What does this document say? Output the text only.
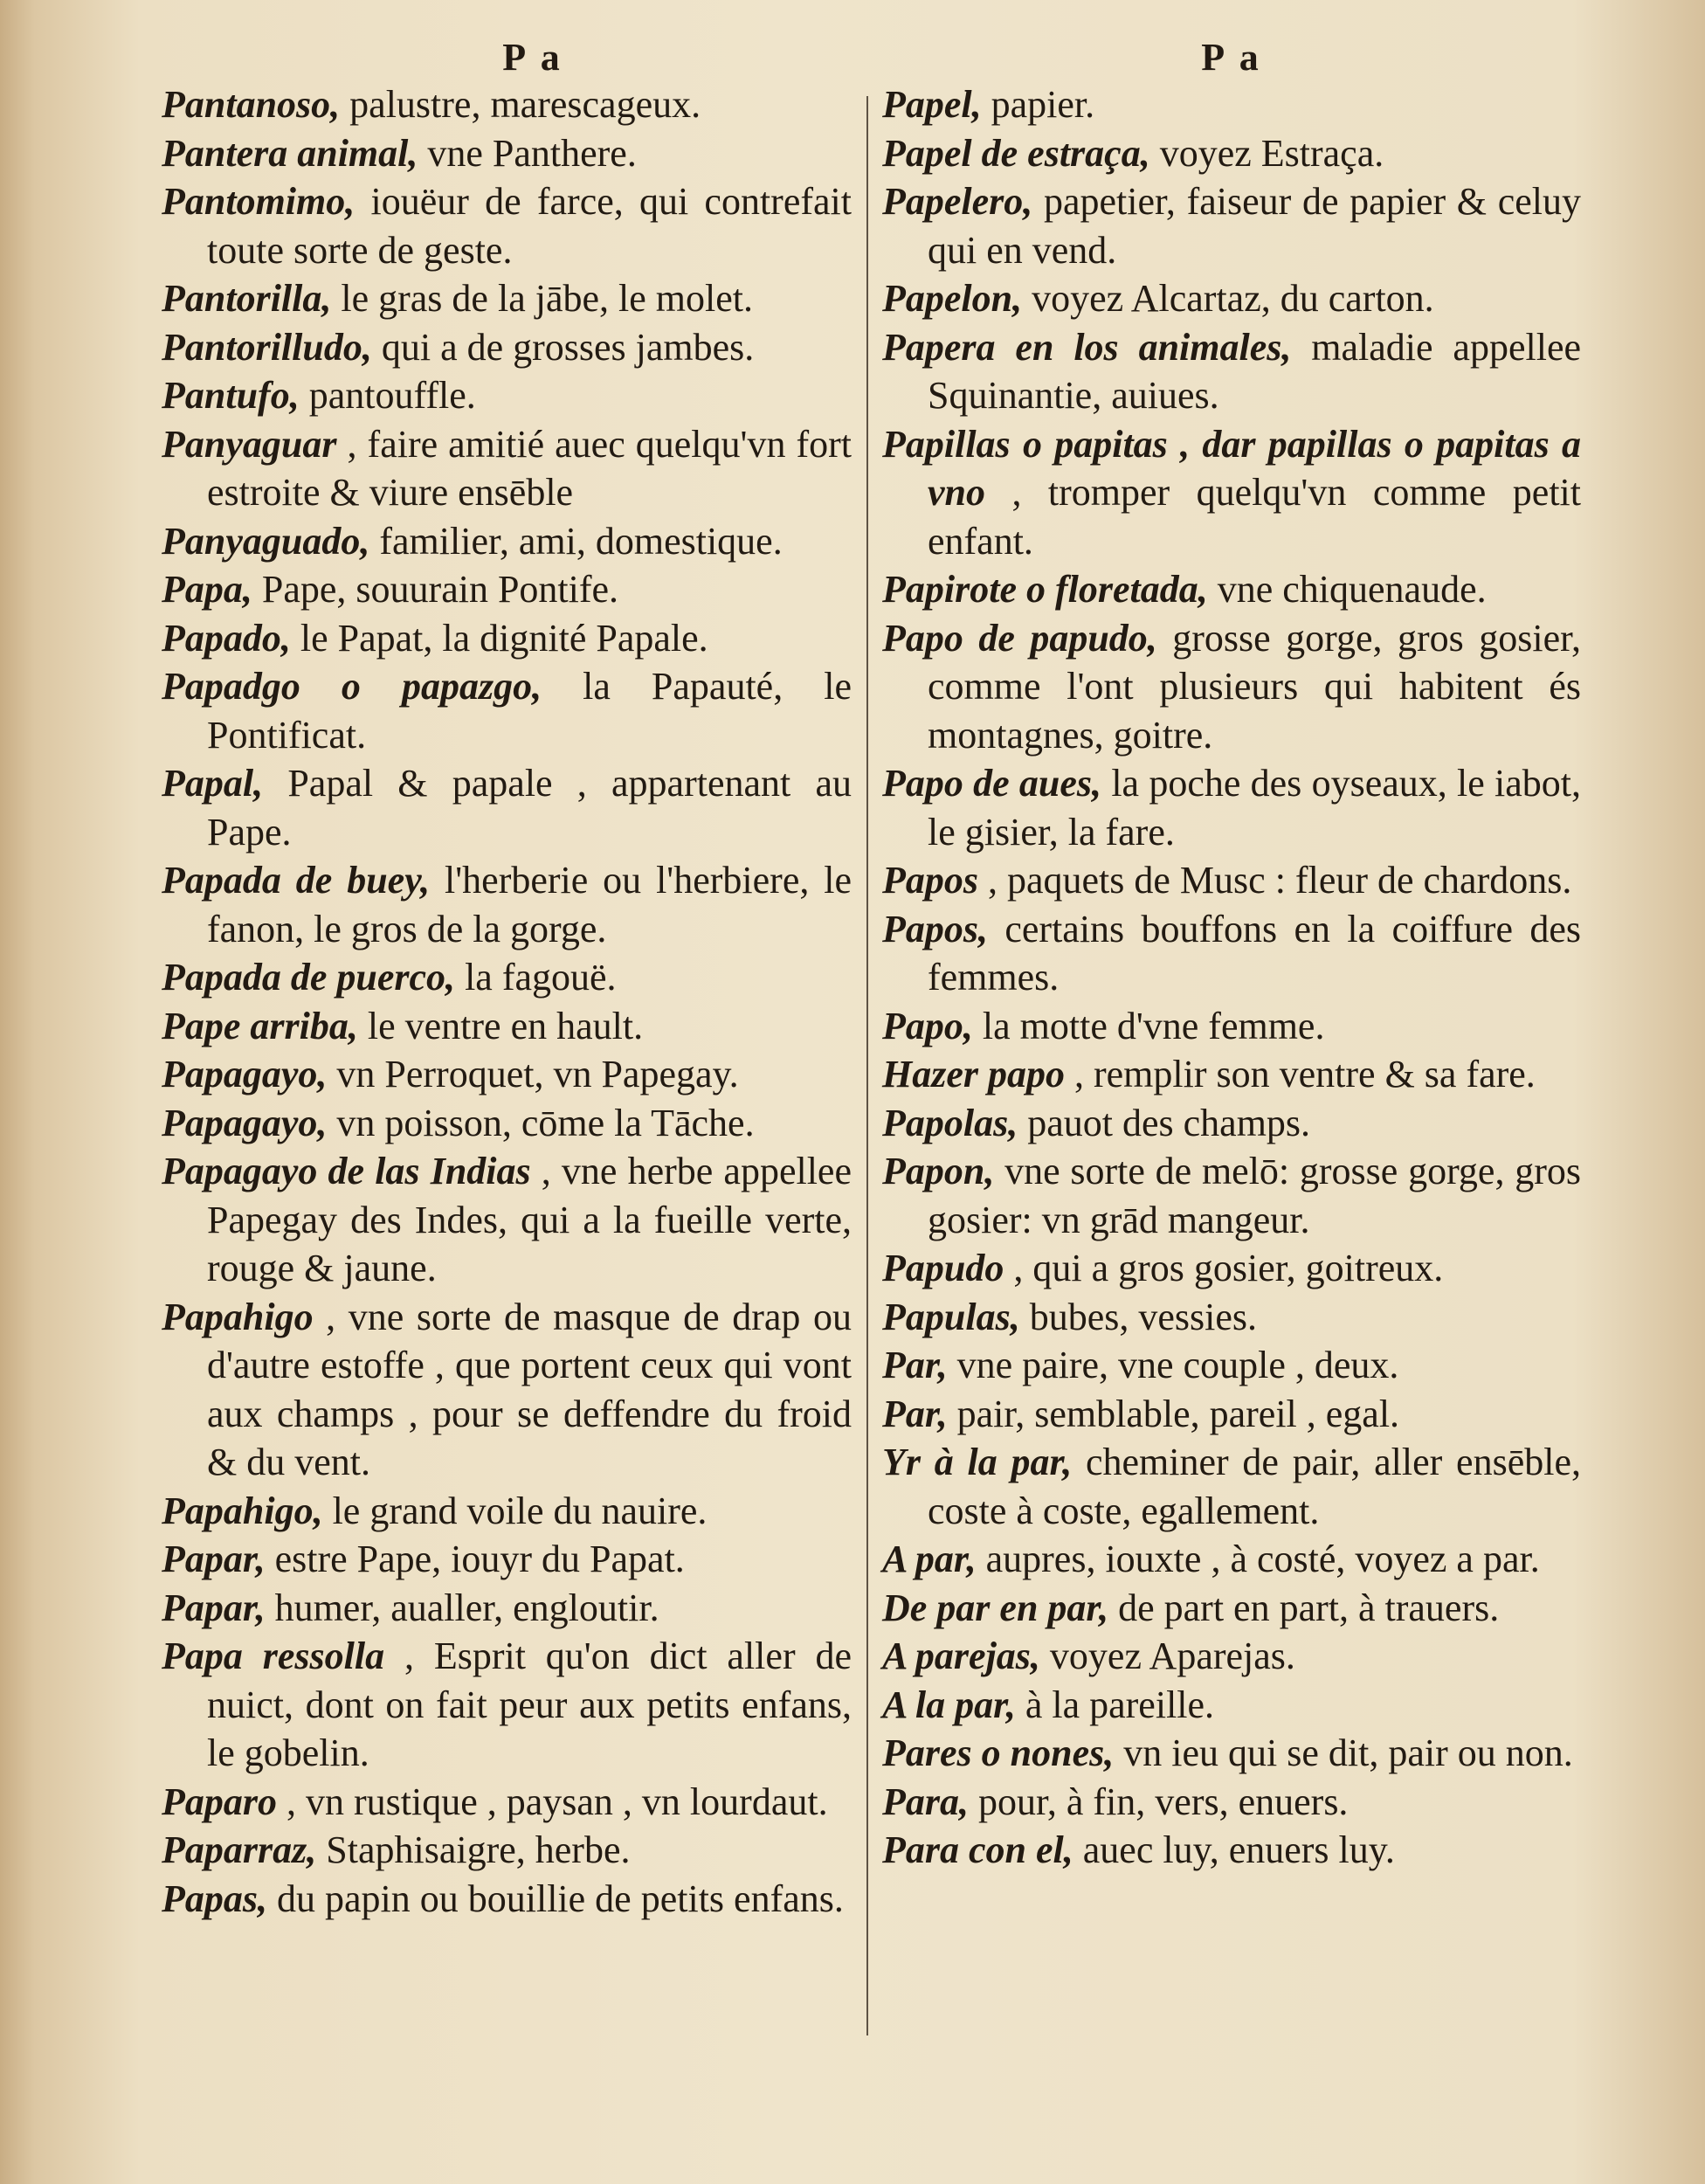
P a	P a

Pantanoso, palustre, marescageux.

Pantera animal, vne Panthere.

Pantomimo, iouëur de farce, qui contrefait toute sorte de geste.

Pantorilla, le gras de la jābe, le molet.

Pantorilludo, qui a de grosses jambes.

Pantufo, pantouffle.

Panyaguar , faire amitié auec quelqu'vn fort estroite & viure ensēble

Panyaguado, familier, ami, domestique.

Papa, Pape, souurain Pontife.

Papado, le Papat, la dignité Papale.

Papadgo o papazgo, la Papauté, le Pontificat.

Papal, Papal & papale , appartenant au Pape.

Papada de buey, l'herberie ou l'herbiere, le fanon, le gros de la gorge.

Papada de puerco, la fagouë.

Pape arriba, le ventre en hault.

Papagayo, vn Perroquet, vn Papegay.

Papagayo, vn poisson, cōme la Tāche.

Papagayo de las Indias , vne herbe appellee Papegay des Indes, qui a la fueille verte, rouge & jaune.

Papahigo , vne sorte de masque de drap ou d'autre estoffe , que portent ceux qui vont aux champs , pour se deffendre du froid & du vent.

Papahigo, le grand voile du nauire.

Papar, estre Pape, iouyr du Papat.

Papar, humer, aualler, engloutir.

Papa ressolla , Esprit qu'on dict aller de nuict, dont on fait peur aux petits enfans, le gobelin.

Paparo , vn rustique , paysan , vn lourdaut.

Paparraz, Staphisaigre, herbe.

Papas, du papin ou bouillie de petits enfans.

Papel, papier.

Papel de estraça, voyez Estraça.

Papelero, papetier, faiseur de papier & celuy qui en vend.

Papelon, voyez Alcartaz, du carton.

Papera en los animales, maladie appellee Squinantie, auiues.

Papillas o papitas , dar papillas o papitas a vno , tromper quelqu'vn comme petit enfant.

Papirote o floretada, vne chiquenaude.

Papo de papudo, grosse gorge, gros gosier, comme l'ont plusieurs qui habitent és montagnes, goitre.

Papo de aues, la poche des oyseaux, le iabot, le gisier, la fare.

Papos , paquets de Musc : fleur de chardons.

Papos, certains bouffons en la coiffure des femmes.

Papo, la motte d'vne femme.

Hazer papo , remplir son ventre & sa fare.

Papolas, pauot des champs.

Papon, vne sorte de melō: grosse gorge, gros gosier: vn grād mangeur.

Papudo , qui a gros gosier, goitreux.

Papulas, bubes, vessies.

Par, vne paire, vne couple , deux.

Par, pair, semblable, pareil , egal.

Yr à la par, cheminer de pair, aller ensēble, coste à coste, egallement.

A par, aupres, iouxte , à costé, voyez a par.

De par en par, de part en part, à trauers.

A parejas, voyez Aparejas.

A la par, à la pareille.

Pares o nones, vn ieu qui se dit, pair ou non.

Para, pour, à fin, vers, enuers.

Para con el, auec luy, enuers luy.
